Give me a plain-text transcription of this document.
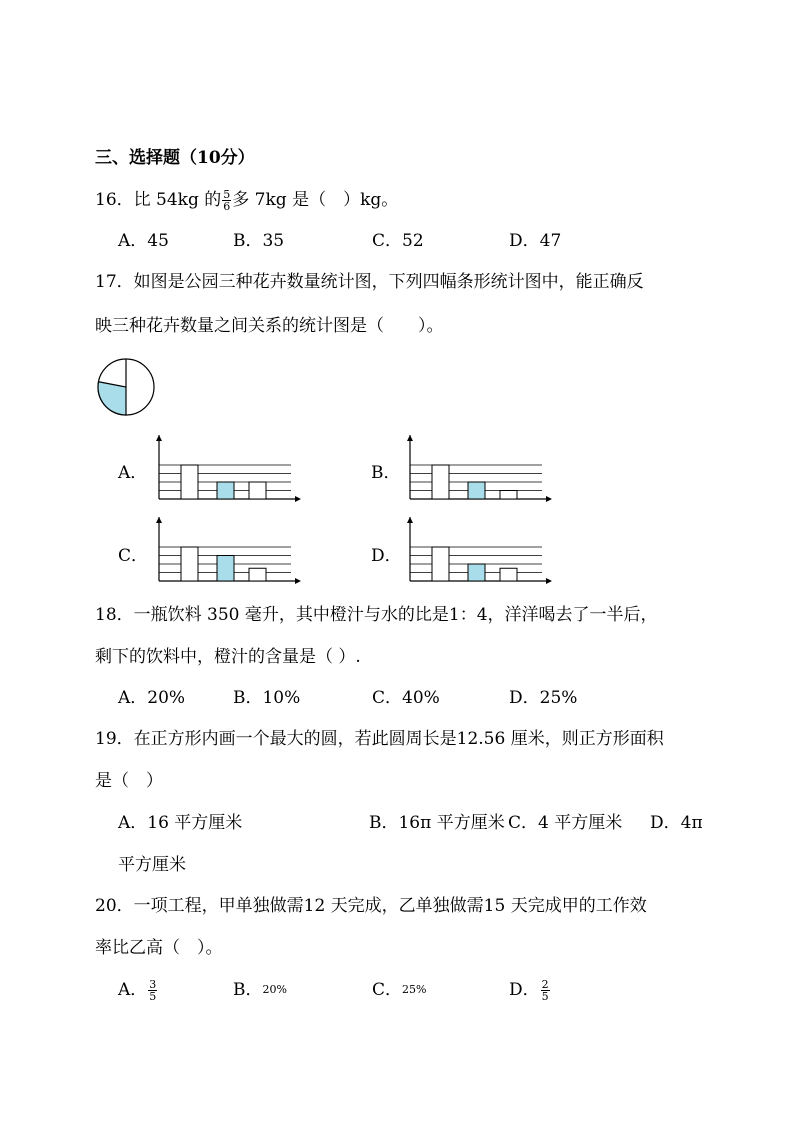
三、选择题（10分）
16．比 54kg 的 $\frac{5}{6}$ 多 7kg 是（　）kg。
A．45	B．35	C．52	D．47
17．如图是公园三种花卉数量统计图，下列四幅条形统计图中，能正确反
映三种花卉数量之间关系的统计图是（　　）。
A．	B．
C．	D．
18．一瓶饮料 350 毫升，其中橙汁与水的比是1：4，洋洋喝去了一半后，
剩下的饮料中，橙汁的含量是（ ）.
A．20%	B．10%	C．40%	D．25%
19．在正方形内画一个最大的圆，若此圆周长是12.56 厘米，则正方形面积
是（　）
A．16 平方厘米	B．16π 平方厘米 C．4 平方厘米 D．4π
平方厘米
20．一项工程，甲单独做需12 天完成，乙单独做需15 天完成甲的工作效
率比乙高（　）。
A． $\frac{3}{5}$	B．$^{20\%}$	C．$^{25\%}$	D． $\frac{2}{5}$
